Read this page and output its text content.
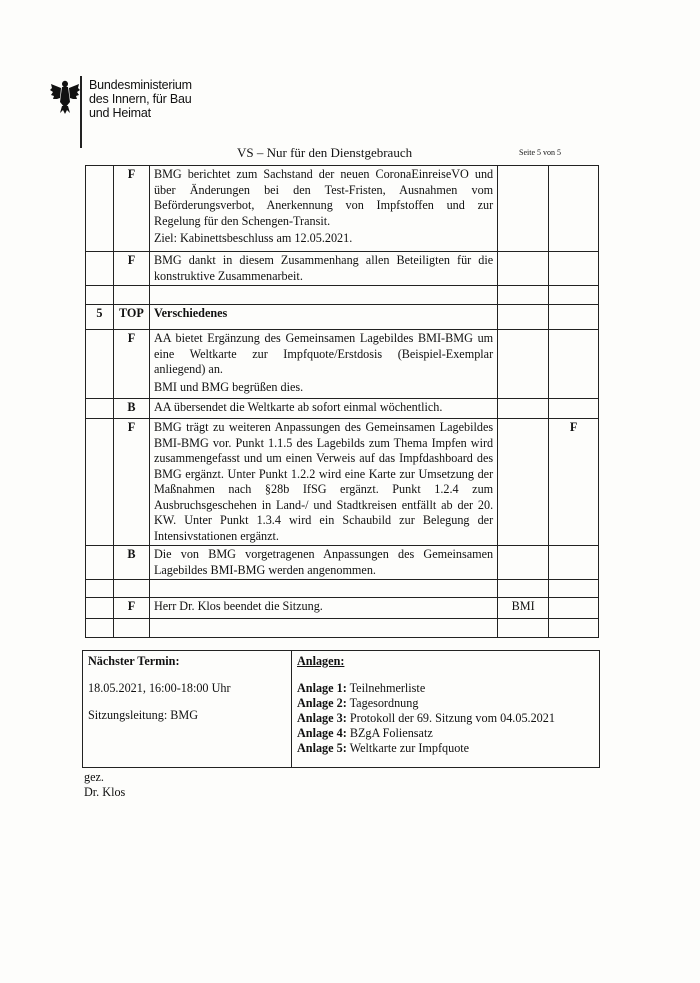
Bundesministerium
des Innern, für Bau
und Heimat
VS – Nur für den Dienstgebrauch	Seite 5 von 5
	F	BMG berichtet zum Sachstand der neuen CoronaEinreiseVO und über Änderungen bei den Test-Fristen, Ausnahmen vom Beförderungsverbot, Anerkennung von Impfstoffen und zur Regelung für den Schengen-Transit.

Ziel: Kabinettsbeschluss am 12.05.2021.		

	F	BMG dankt in diesem Zusammenhang allen Beteiligten für die konstruktive Zusammenarbeit.		

5	TOP	Verschiedenes		
	F	AA bietet Ergänzung des Gemeinsamen Lagebildes BMI-BMG um eine Weltkarte zur Impfquote/Erstdosis (Beispiel-Exemplar anliegend) an.

BMI und BMG begrüßen dies.		

	B	AA übersendet die Weltkarte ab sofort einmal wöchentlich.		

	F	BMG trägt zu weiteren Anpassungen des Gemeinsamen Lagebildes BMI-BMG vor. Punkt 1.1.5 des Lagebilds zum Thema Impfen wird zusammengefasst und um einen Verweis auf das Impfdashboard des BMG ergänzt. Unter Punkt 1.2.2 wird eine Karte zur Umsetzung der Maßnahmen nach §28b IfSG ergänzt. Punkt 1.2.4 zum Ausbruchsgeschehen in Land-/ und Stadtkreisen entfällt ab der 20. KW. Unter Punkt 1.3.4 wird ein Schaubild zur Belegung der Intensivstationen ergänzt.		F
	B	Die von BMG vorgetragenen Anpassungen des Gemeinsamen Lagebildes BMI-BMG werden angenommen.		

	F	Herr Dr. Klos beendet die Sitzung.	BMI	

Nächster Termin:
18.05.2021, 16:00-18:00 Uhr
Sitzungsleitung: BMG

Anlagen:
Anlage 1: Teilnehmerliste
Anlage 2: Tagesordnung
Anlage 3: Protokoll der 69. Sitzung vom 04.05.2021
Anlage 4: BZgA Foliensatz
Anlage 5: Weltkarte zur Impfquote
gez.
Dr. Klos
